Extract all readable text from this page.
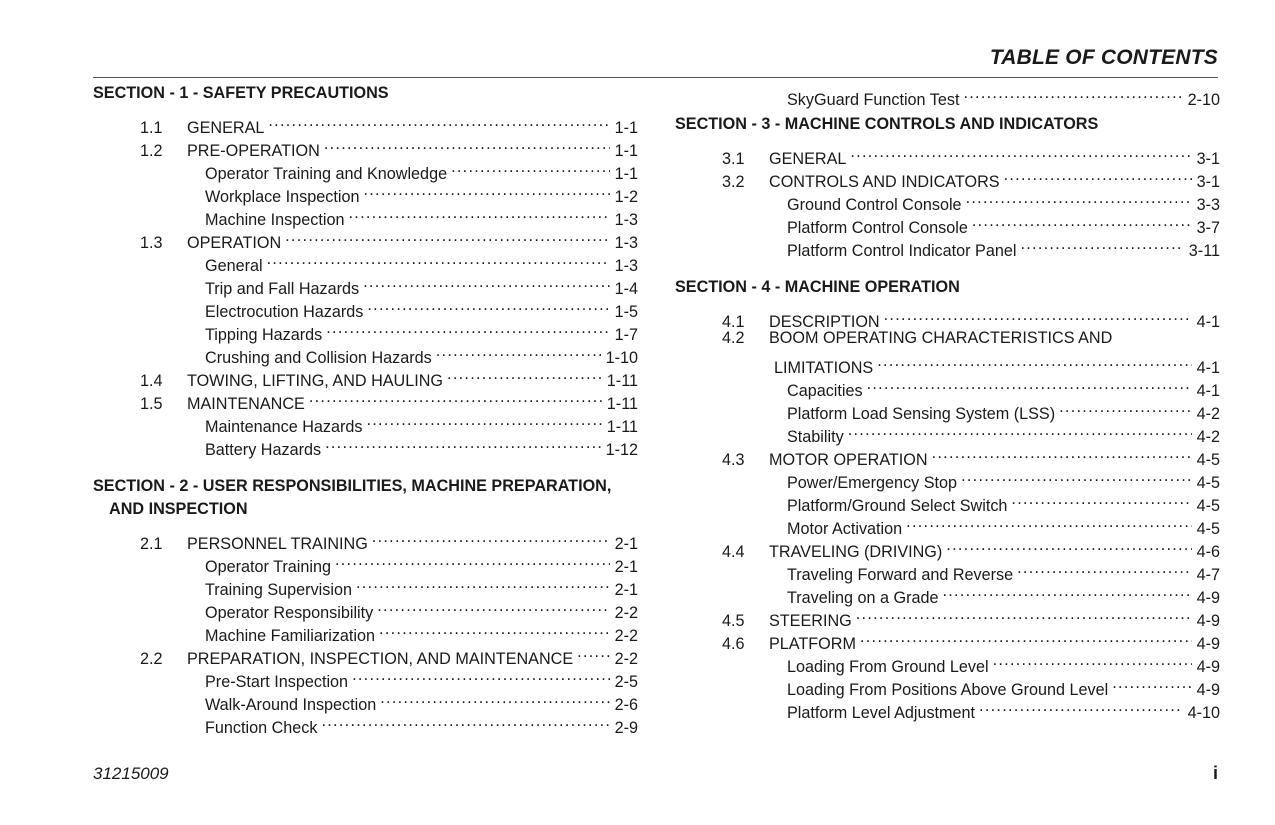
TABLE OF CONTENTS
SECTION - 1 - SAFETY PRECAUTIONS
1.1	GENERAL . . .	1-1
1.2	PRE-OPERATION . . .	1-1
Operator Training and Knowledge . . .	1-1
Workplace Inspection . . .	1-2
Machine Inspection . . .	1-3
1.3	OPERATION . . .	1-3
General . . .	1-3
Trip and Fall Hazards . . .	1-4
Electrocution Hazards . . .	1-5
Tipping Hazards . . .	1-7
Crushing and Collision Hazards . . .	1-10
1.4	TOWING, LIFTING, AND HAULING . . .	1-11
1.5	MAINTENANCE . . .	1-11
Maintenance Hazards . . .	1-11
Battery Hazards . . .	1-12
SECTION - 2 - USER RESPONSIBILITIES, MACHINE PREPARATION,
AND INSPECTION
2.1	PERSONNEL TRAINING . . .	2-1
Operator Training . . .	2-1
Training Supervision . . .	2-1
Operator Responsibility . . .	2-2
Machine Familiarization . . .	2-2
2.2	PREPARATION, INSPECTION, AND MAINTENANCE . . .	2-2
Pre-Start Inspection . . .	2-5
Walk-Around Inspection . . .	2-6
Function Check . . .	2-9
SkyGuard Function Test . . .	2-10
SECTION - 3 - MACHINE CONTROLS AND INDICATORS
3.1	GENERAL . . .	3-1
3.2	CONTROLS AND INDICATORS . . .	3-1
Ground Control Console . . .	3-3
Platform Control Console . . .	3-7
Platform Control Indicator Panel . . .	3-11
SECTION - 4 - MACHINE OPERATION
4.1	DESCRIPTION . . .	4-1
4.2	BOOM OPERATING CHARACTERISTICS AND
LIMITATIONS . . .	4-1
Capacities . . .	4-1
Platform Load Sensing System (LSS) . . .	4-2
Stability . . .	4-2
4.3	MOTOR OPERATION . . .	4-5
Power/Emergency Stop . . .	4-5
Platform/Ground Select Switch . . .	4-5
Motor Activation . . .	4-5
4.4	TRAVELING (DRIVING) . . .	4-6
Traveling Forward and Reverse . . .	4-7
Traveling on a Grade . . .	4-9
4.5	STEERING . . .	4-9
4.6	PLATFORM . . .	4-9
Loading From Ground Level . . .	4-9
Loading From Positions Above Ground Level . . .	4-9
Platform Level Adjustment . . .	4-10
31215009	i
